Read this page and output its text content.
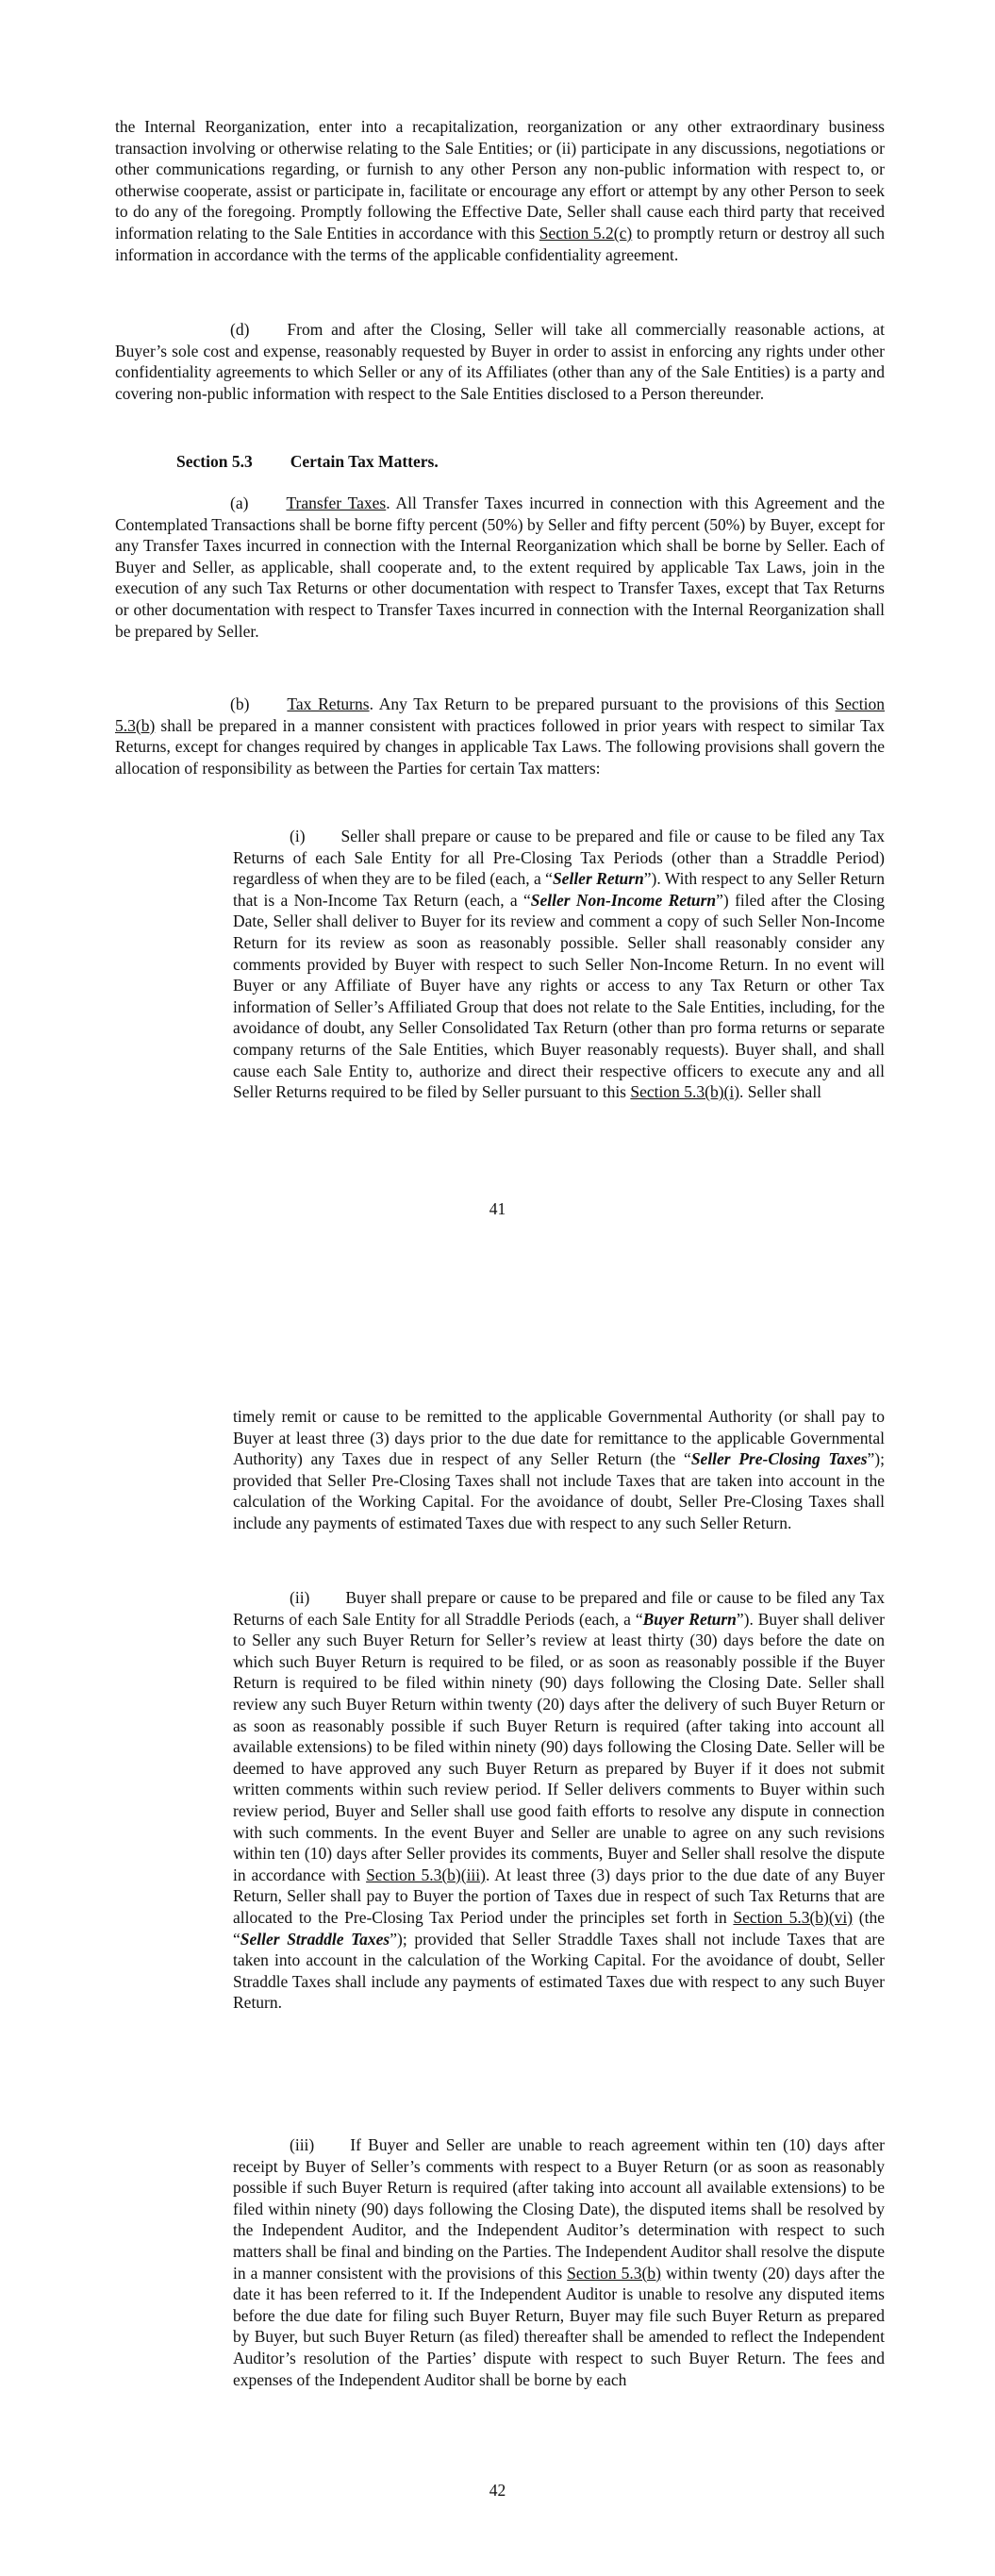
the Internal Reorganization, enter into a recapitalization, reorganization or any other extraordinary business transaction involving or otherwise relating to the Sale Entities; or (ii) participate in any discussions, negotiations or other communications regarding, or furnish to any other Person any non-public information with respect to, or otherwise cooperate, assist or participate in, facilitate or encourage any effort or attempt by any other Person to seek to do any of the foregoing. Promptly following the Effective Date, Seller shall cause each third party that received information relating to the Sale Entities in accordance with this Section 5.2(c) to promptly return or destroy all such information in accordance with the terms of the applicable confidentiality agreement.

(d) From and after the Closing, Seller will take all commercially reasonable actions, at Buyer’s sole cost and expense, reasonably requested by Buyer in order to assist in enforcing any rights under other confidentiality agreements to which Seller or any of its Affiliates (other than any of the Sale Entities) is a party and covering non-public information with respect to the Sale Entities disclosed to a Person thereunder.

Section 5.3 Certain Tax Matters.

(a) Transfer Taxes. All Transfer Taxes incurred in connection with this Agreement and the Contemplated Transactions shall be borne fifty percent (50%) by Seller and fifty percent (50%) by Buyer, except for any Transfer Taxes incurred in connection with the Internal Reorganization which shall be borne by Seller. Each of Buyer and Seller, as applicable, shall cooperate and, to the extent required by applicable Tax Laws, join in the execution of any such Tax Returns or other documentation with respect to Transfer Taxes, except that Tax Returns or other documentation with respect to Transfer Taxes incurred in connection with the Internal Reorganization shall be prepared by Seller.

(b) Tax Returns. Any Tax Return to be prepared pursuant to the provisions of this Section 5.3(b) shall be prepared in a manner consistent with practices followed in prior years with respect to similar Tax Returns, except for changes required by changes in applicable Tax Laws. The following provisions shall govern the allocation of responsibility as between the Parties for certain Tax matters:

(i) Seller shall prepare or cause to be prepared and file or cause to be filed any Tax Returns of each Sale Entity for all Pre-Closing Tax Periods (other than a Straddle Period) regardless of when they are to be filed (each, a “Seller Return”). With respect to any Seller Return that is a Non-Income Tax Return (each, a “Seller Non-Income Return”) filed after the Closing Date, Seller shall deliver to Buyer for its review and comment a copy of such Seller Non-Income Return for its review as soon as reasonably possible. Seller shall reasonably consider any comments provided by Buyer with respect to such Seller Non-Income Return. In no event will Buyer or any Affiliate of Buyer have any rights or access to any Tax Return or other Tax information of Seller’s Affiliated Group that does not relate to the Sale Entities, including, for the avoidance of doubt, any Seller Consolidated Tax Return (other than pro forma returns or separate company returns of the Sale Entities, which Buyer reasonably requests). Buyer shall, and shall cause each Sale Entity to, authorize and direct their respective officers to execute any and all Seller Returns required to be filed by Seller pursuant to this Section 5.3(b)(i). Seller shall

41

timely remit or cause to be remitted to the applicable Governmental Authority (or shall pay to Buyer at least three (3) days prior to the due date for remittance to the applicable Governmental Authority) any Taxes due in respect of any Seller Return (the “Seller Pre-Closing Taxes”); provided that Seller Pre-Closing Taxes shall not include Taxes that are taken into account in the calculation of the Working Capital. For the avoidance of doubt, Seller Pre-Closing Taxes shall include any payments of estimated Taxes due with respect to any such Seller Return.

(ii) Buyer shall prepare or cause to be prepared and file or cause to be filed any Tax Returns of each Sale Entity for all Straddle Periods (each, a “Buyer Return”). Buyer shall deliver to Seller any such Buyer Return for Seller’s review at least thirty (30) days before the date on which such Buyer Return is required to be filed, or as soon as reasonably possible if the Buyer Return is required to be filed within ninety (90) days following the Closing Date. Seller shall review any such Buyer Return within twenty (20) days after the delivery of such Buyer Return or as soon as reasonably possible if such Buyer Return is required (after taking into account all available extensions) to be filed within ninety (90) days following the Closing Date. Seller will be deemed to have approved any such Buyer Return as prepared by Buyer if it does not submit written comments within such review period. If Seller delivers comments to Buyer within such review period, Buyer and Seller shall use good faith efforts to resolve any dispute in connection with such comments. In the event Buyer and Seller are unable to agree on any such revisions within ten (10) days after Seller provides its comments, Buyer and Seller shall resolve the dispute in accordance with Section 5.3(b)(iii). At least three (3) days prior to the due date of any Buyer Return, Seller shall pay to Buyer the portion of Taxes due in respect of such Tax Returns that are allocated to the Pre-Closing Tax Period under the principles set forth in Section 5.3(b)(vi) (the “Seller Straddle Taxes”); provided that Seller Straddle Taxes shall not include Taxes that are taken into account in the calculation of the Working Capital. For the avoidance of doubt, Seller Straddle Taxes shall include any payments of estimated Taxes due with respect to any such Buyer Return.

(iii) If Buyer and Seller are unable to reach agreement within ten (10) days after receipt by Buyer of Seller’s comments with respect to a Buyer Return (or as soon as reasonably possible if such Buyer Return is required (after taking into account all available extensions) to be filed within ninety (90) days following the Closing Date), the disputed items shall be resolved by the Independent Auditor, and the Independent Auditor’s determination with respect to such matters shall be final and binding on the Parties. The Independent Auditor shall resolve the dispute in a manner consistent with the provisions of this Section 5.3(b) within twenty (20) days after the date it has been referred to it. If the Independent Auditor is unable to resolve any disputed items before the due date for filing such Buyer Return, Buyer may file such Buyer Return as prepared by Buyer, but such Buyer Return (as filed) thereafter shall be amended to reflect the Independent Auditor’s resolution of the Parties’ dispute with respect to such Buyer Return. The fees and expenses of the Independent Auditor shall be borne by each

42
